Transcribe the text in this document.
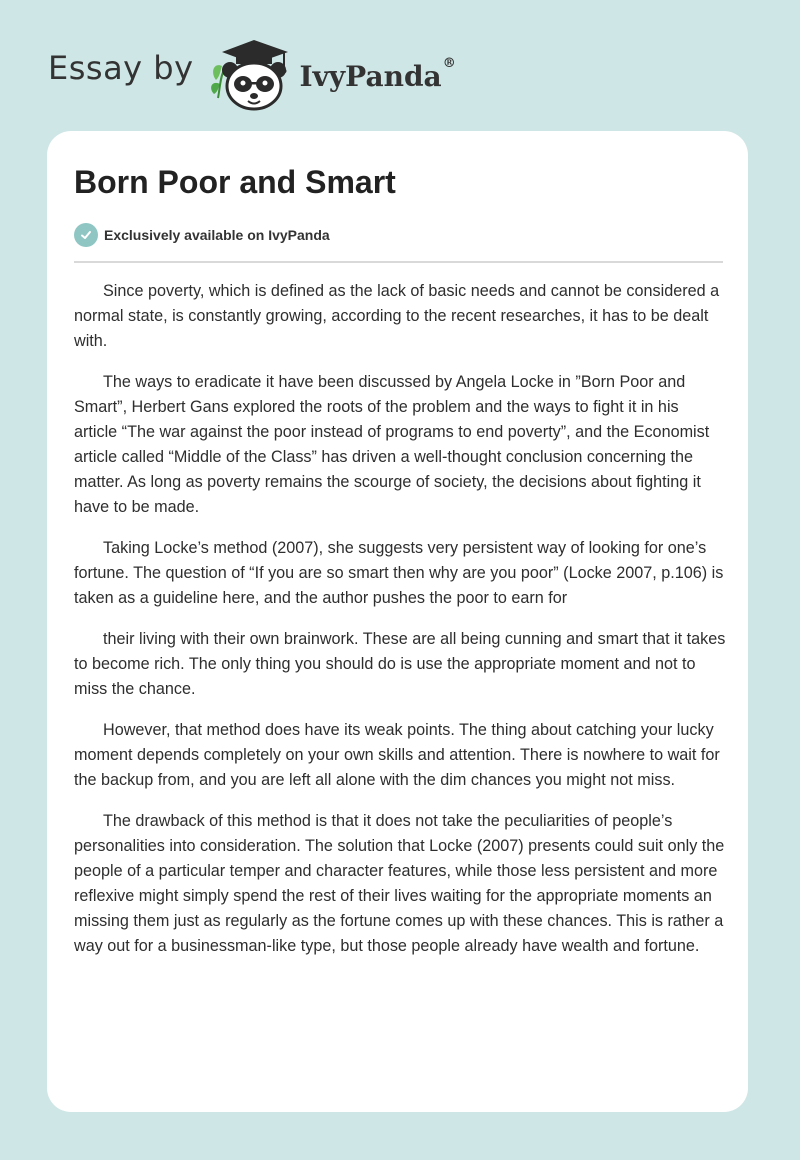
Essay by	IvyPanda®
Born Poor and Smart
Exclusively available on IvyPanda

Since poverty, which is defined as the lack of basic needs and cannot be considered a normal state, is constantly growing, according to the recent researches, it has to be dealt with.

The ways to eradicate it have been discussed by Angela Locke in ”Born Poor and Smart”, Herbert Gans explored the roots of the problem and the ways to fight it in his article “The war against the poor instead of programs to end poverty”, and the Economist article called “Middle of the Class” has driven a well-thought conclusion concerning the matter. As long as poverty remains the scourge of society, the decisions about fighting it have to be made.

Taking Locke’s method (2007), she suggests very persistent way of looking for one’s fortune. The question of “If you are so smart then why are you poor” (Locke 2007, p.106) is taken as a guideline here, and the author pushes the poor to earn for

their living with their own brainwork. These are all being cunning and smart that it takes to become rich. The only thing you should do is use the appropriate moment and not to miss the chance.

However, that method does have its weak points. The thing about catching your lucky moment depends completely on your own skills and attention. There is nowhere to wait for the backup from, and you are left all alone with the dim chances you might not miss.

The drawback of this method is that it does not take the peculiarities of people’s personalities into consideration. The solution that Locke (2007) presents could suit only the people of a particular temper and character features, while those less persistent and more reflexive might simply spend the rest of their lives waiting for the appropriate moments an missing them just as regularly as the fortune comes up with these chances. This is rather a way out for a businessman-like type, but those people already have wealth and fortune.
